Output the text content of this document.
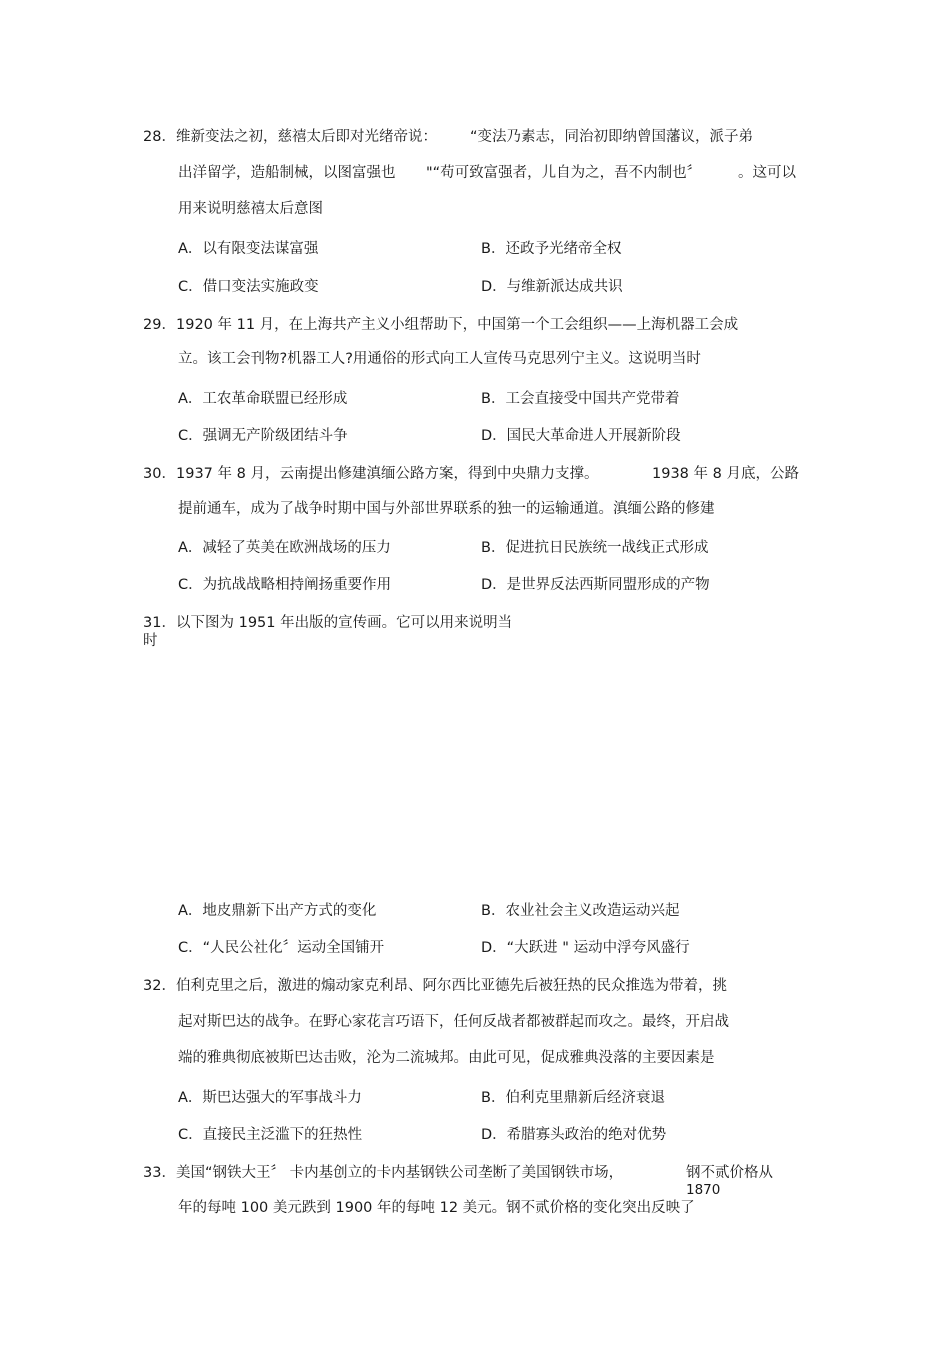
28． 维新变法之初，慈禧太后即对光绪帝说： “变法乃素志，同治初即纳曾国藩议，派子弟
出洋留学，造船制械，以图富强也 "“苟可致富强者，儿自为之，吾不内制也〞	。这可以
用来说明慈禧太后意图
A．以有限变法谋富强	B．还政予光绪帝全权
C．借口变法实施政变	D．与维新派达成共识
29． 1920 年 11 月，在上海共产主义小组帮助下，中国第一个工会组织——上海机器工会成
立。该工会刊物?机器工人?用通俗的形式向工人宣传马克思列宁主义。这说明当时
A．工农革命联盟已经形成	B．工会直接受中国共产党带着
C．强调无产阶级团结斗争	D．国民大革命进人开展新阶段
30． 1937 年 8 月，云南提出修建滇缅公路方案，得到中央鼎力支撑。	1938 年 8 月底，公路
提前通车，成为了战争时期中国与外部世界联系的独一的运输通道。滇缅公路的修建
A．减轻了英美在欧洲战场的压力	B．促进抗日民族统一战线正式形成
C．为抗战战略相持阐扬重要作用	D．是世界反法西斯同盟形成的产物
31． 以下图为 1951 年出版的宣传画。它可以用来说明当
时
A．地皮鼎新下出产方式的变化	B．农业社会主义改造运动兴起
C．“人民公社化〞运动全国铺开	D．“大跃进 " 运动中浮夸风盛行
32． 伯利克里之后，激进的煽动家克利昂、阿尔西比亚德先后被狂热的民众推选为带着，挑
起对斯巴达的战争。在野心家花言巧语下，任何反战者都被群起而攻之。最终，开启战
端的雅典彻底被斯巴达击败，沦为二流城邦。由此可见，促成雅典没落的主要因素是
A．斯巴达强大的军事战斗力	B．伯利克里鼎新后经济衰退
C．直接民主泛滥下的狂热性	D．希腊寡头政治的绝对优势
33． 美国“钢铁大王〞 卡内基创立的卡内基钢铁公司垄断了美国钢铁市场，	钢不贰价格从
1870
年的每吨 100 美元跌到 1900 年的每吨 12 美元。钢不贰价格的变化突出反映了
